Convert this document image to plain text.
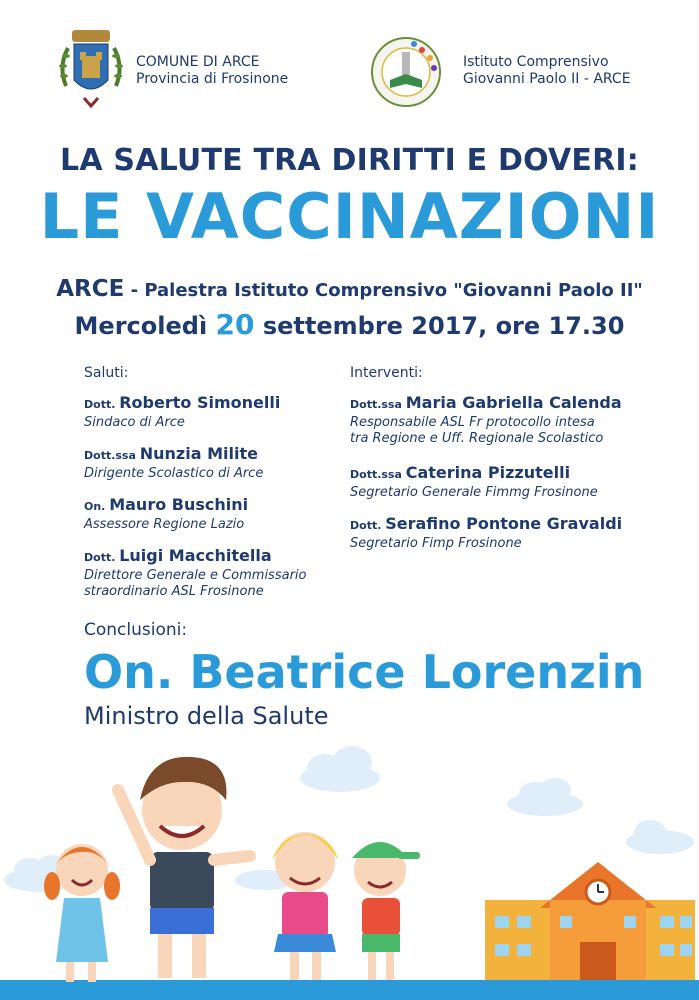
COMUNE DI ARCE
Provincia di Frosinone
Istituto Comprensivo
Giovanni Paolo II - ARCE
LA SALUTE TRA DIRITTI E DOVERI:
LE VACCINAZIONI
ARCE - Palestra Istituto Comprensivo "Giovanni Paolo II"
Mercoledì 20 settembre 2017, ore 17.30
Saluti:
Dott. Roberto Simonelli
Sindaco di Arce
Dott.ssa Nunzia Milite
Dirigente Scolastico di Arce
On. Mauro Buschini
Assessore Regione Lazio
Dott. Luigi Macchitella
Direttore Generale e Commissario
straordinario ASL Frosinone
Interventi:
Dott.ssa Maria Gabriella Calenda
Responsabile ASL Fr protocollo intesa
tra Regione e Uff. Regionale Scolastico
Dott.ssa Caterina Pizzutelli
Segretario Generale Fimmg Frosinone
Dott. Serafino Pontone Gravaldi
Segretario Fimp Frosinone
Conclusioni:
On. Beatrice Lorenzin
Ministro della Salute
